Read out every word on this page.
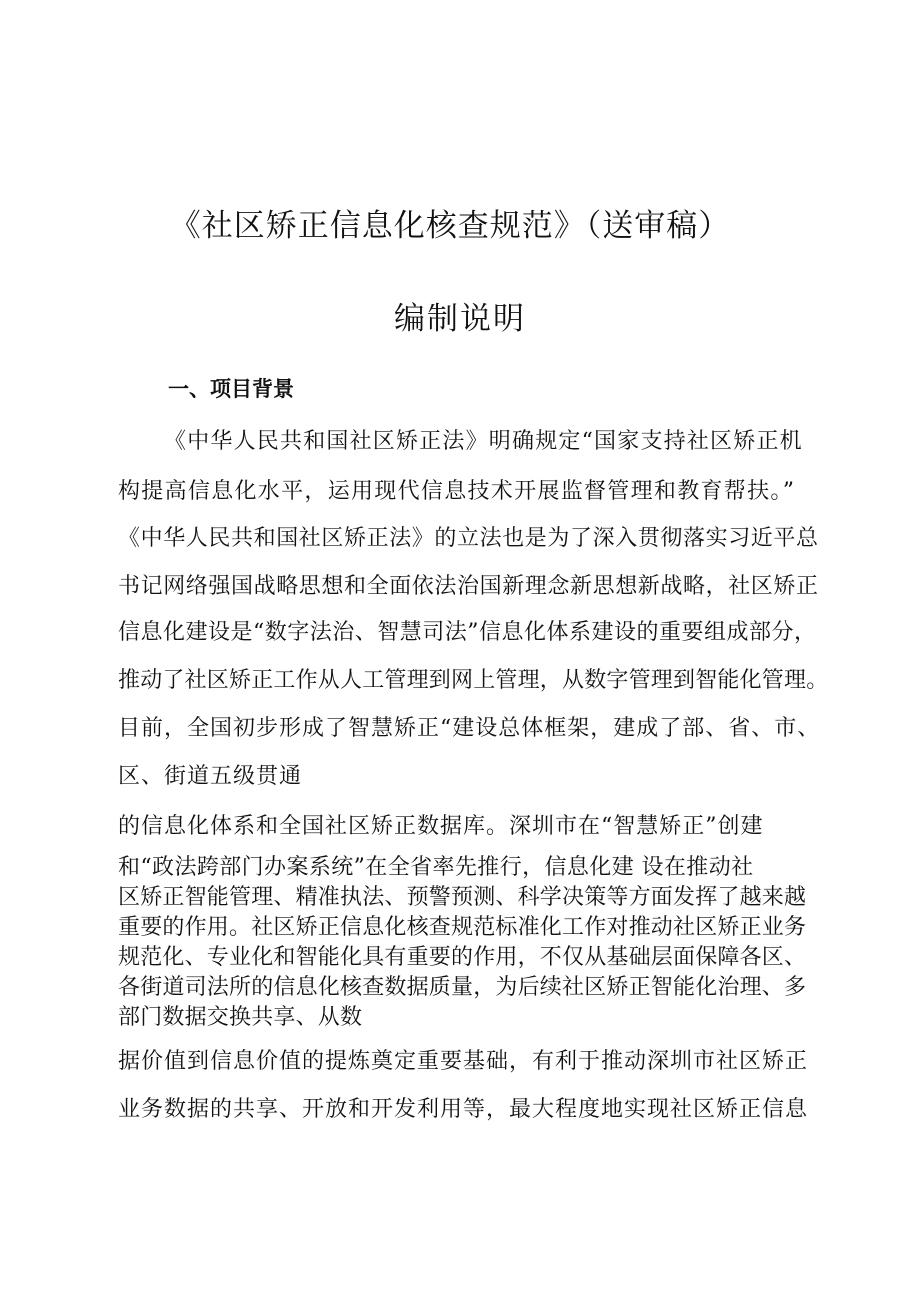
《社区矫正信息化核查规范》（送审稿）
编制说明
一、项目背景
《中华人民共和国社区矫正法》明确规定“国家支持社区矫正机
构提高信息化水平，运用现代信息技术开展监督管理和教育帮扶。”
《中华人民共和国社区矫正法》的立法也是为了深入贯彻落实习近平总
书记网络强国战略思想和全面依法治国新理念新思想新战略，社区矫正
信息化建设是“数字法治、智慧司法”信息化体系建设的重要组成部分，
推动了社区矫正工作从人工管理到网上管理，从数字管理到智能化管理。
目前，全国初步形成了智慧矫正“建设总体框架，建成了部、省、市、
区、街道五级贯通
的信息化体系和全国社区矫正数据库。深圳市在“智慧矫正”创建
和“政法跨部门办案系统”在全省率先推行，信息化建 设在推动社
区矫正智能管理、精准执法、预警预测、科学决策等方面发挥了越来越
重要的作用。社区矫正信息化核查规范标准化工作对推动社区矫正业务
规范化、专业化和智能化具有重要的作用，不仅从基础层面保障各区、
各街道司法所的信息化核查数据质量，为后续社区矫正智能化治理、多
部门数据交换共享、从数
据价值到信息价值的提炼奠定重要基础，有利于推动深圳市社区矫正
业务数据的共享、开放和开发利用等，最大程度地实现社区矫正信息
